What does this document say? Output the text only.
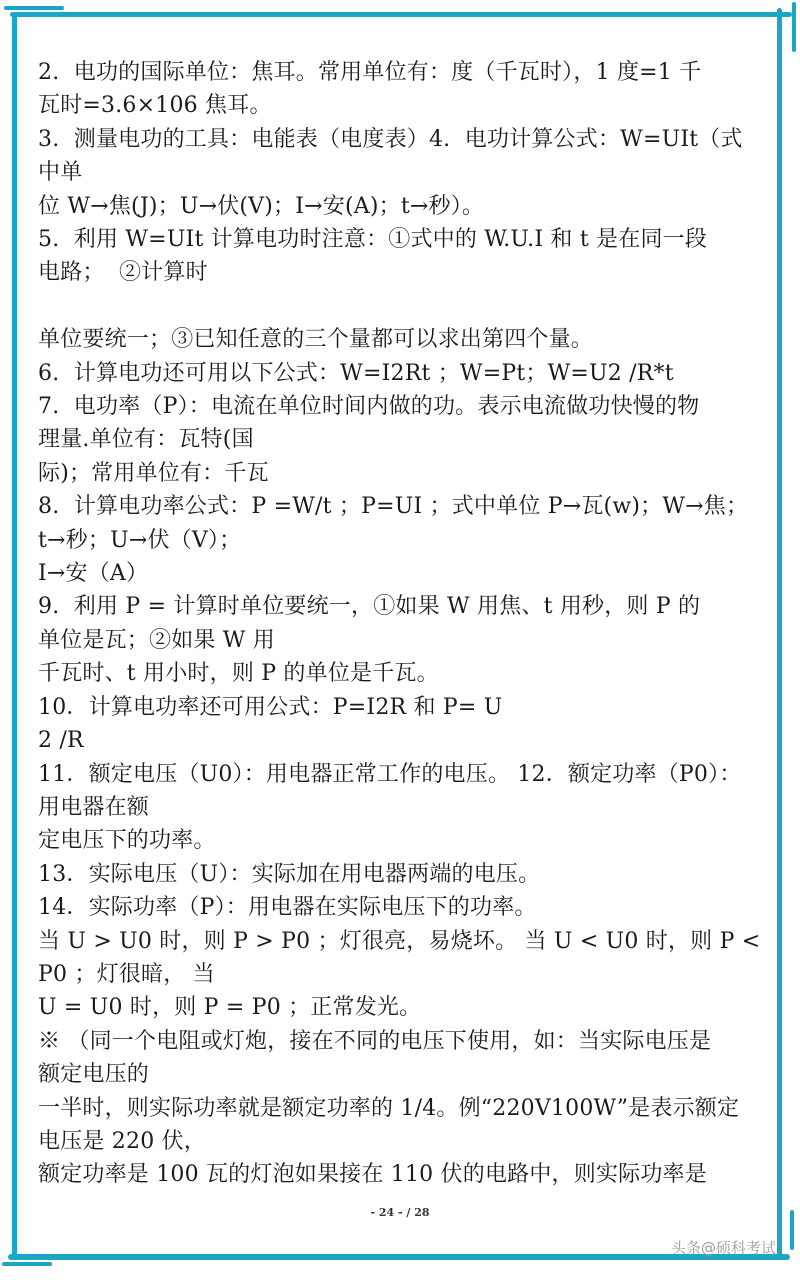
2.  电功的国际单位：焦耳。常用单位有：度（千瓦时），1 度=1 千
瓦时=3.6×106 焦耳。
3.  测量电功的工具：电能表（电度表）4.  电功计算公式：W=UIt（式
中单
位 W→焦(J)；U→伏(V)；I→安(A)；t→秒）。
5.  利用 W=UIt 计算电功时注意：①式中的 W.U.I 和 t 是在同一段
电路；  ②计算时
单位要统一；③已知任意的三个量都可以求出第四个量。
6.  计算电功还可用以下公式：W=I2Rt ；W=Pt；W=U2 /R*t
7.  电功率（P）：电流在单位时间内做的功。表示电流做功快慢的物
理量.单位有：瓦特(国
际)；常用单位有：千瓦
8.  计算电功率公式：P =W/t ；P=UI ；式中单位 P→瓦(w)；W→焦；
t→秒；U→伏（V）；
I→安（A）
9.  利用 P = 计算时单位要统一，①如果 W 用焦、t 用秒，则 P 的
单位是瓦；②如果 W 用
千瓦时、t 用小时，则 P 的单位是千瓦。
10．计算电功率还可用公式：P=I2R 和 P= U
2 /R
11．额定电压（U0）：用电器正常工作的电压。 12．额定功率（P0）：
用电器在额
定电压下的功率。
13．实际电压（U）：实际加在用电器两端的电压。
14．实际功率（P）：用电器在实际电压下的功率。
当 U > U0 时，则 P > P0 ；灯很亮，易烧坏。 当 U < U0 时，则 P <
P0 ；灯很暗， 当
U = U0 时，则 P = P0 ；正常发光。
※ （同一个电阻或灯炮，接在不同的电压下使用，如：当实际电压是
额定电压的
一半时，则实际功率就是额定功率的 1/4。例“220V100W”是表示额定
电压是 220 伏，
额定功率是 100 瓦的灯泡如果接在 110 伏的电路中，则实际功率是
- 24 - / 28
头条@硕科考试
